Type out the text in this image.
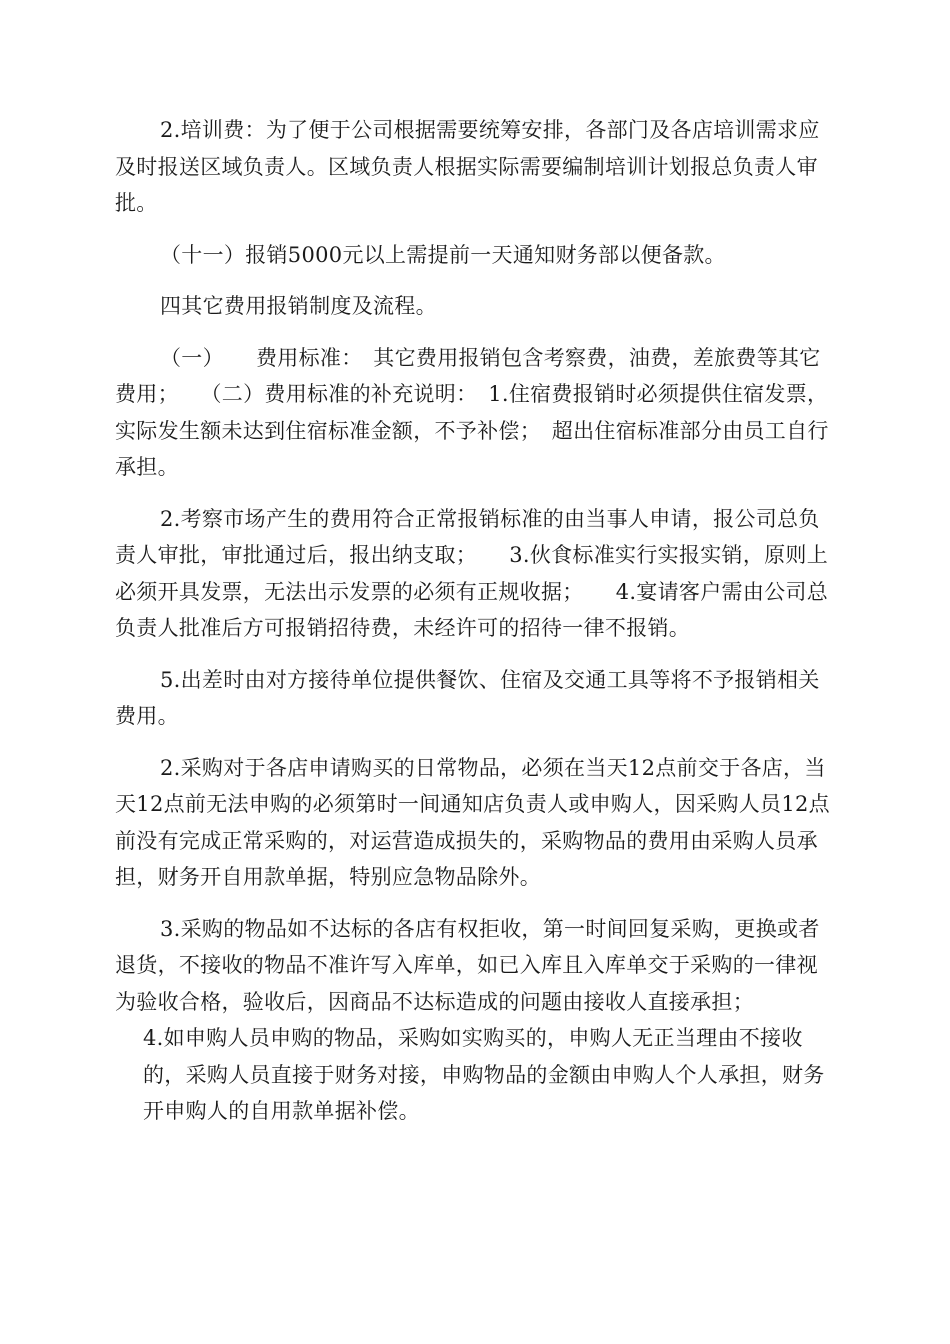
2.培训费：为了便于公司根据需要统筹安排，各部门及各店培训需求应及时报送区域负责人。区域负责人根据实际需要编制培训计划报总负责人审批。

（十一）报销5000元以上需提前一天通知财务部以便备款。

四其它费用报销制度及流程。

（一）　　费用标准：　其它费用报销包含考察费，油费，差旅费等其它费用；　　（二）费用标准的补充说明：　1.住宿费报销时必须提供住宿发票，实际发生额未达到住宿标准金额，不予补偿；　超出住宿标准部分由员工自行承担。

2.考察市场产生的费用符合正常报销标准的由当事人申请，报公司总负责人审批，审批通过后，报出纳支取；　　3.伙食标准实行实报实销，原则上必须开具发票，无法出示发票的必须有正规收据；　　4.宴请客户需由公司总负责人批准后方可报销招待费，未经许可的招待一律不报销。

5.出差时由对方接待单位提供餐饮、住宿及交通工具等将不予报销相关费用。

2.采购对于各店申请购买的日常物品，必须在当天12点前交于各店，当天12点前无法申购的必须第时一间通知店负责人或申购人，因采购人员12点前没有完成正常采购的，对运营造成损失的，采购物品的费用由采购人员承担，财务开自用款单据，特别应急物品除外。

3.采购的物品如不达标的各店有权拒收，第一时间回复采购，更换或者退货，不接收的物品不准许写入库单，如已入库且入库单交于采购的一律视为验收合格，验收后，因商品不达标造成的问题由接收人直接承担；

4.如申购人员申购的物品，采购如实购买的，申购人无正当理由不接收的，采购人员直接于财务对接，申购物品的金额由申购人个人承担，财务开申购人的自用款单据补偿。
